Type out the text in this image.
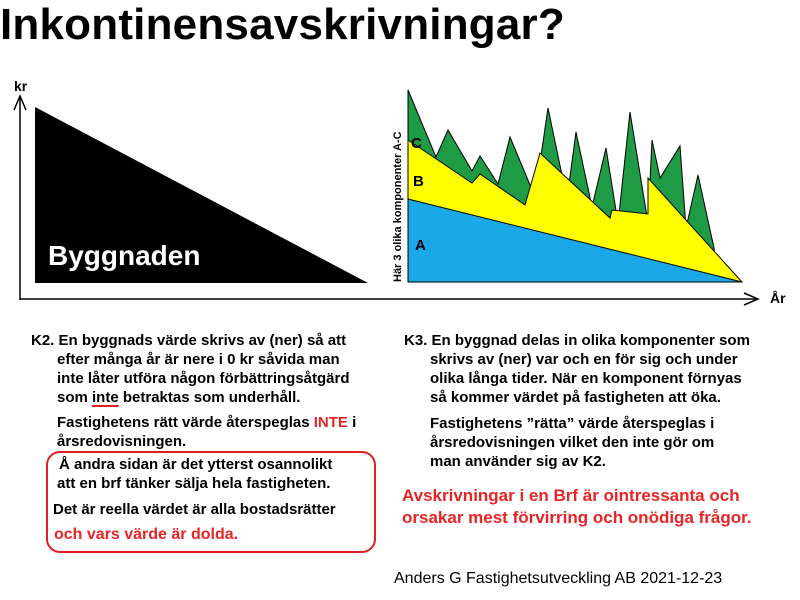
Inkontinensavskrivningar?
kr
År
Byggnaden
C
B
A
Här 3 olika komponenter A-C
K2. En byggnads värde skrivs av (ner) så att
efter många år är nere i 0 kr såvida man
inte låter utföra någon förbättringsåtgärd
som inte betraktas som underhåll.
Fastighetens rätt värde återspeglas INTE i
årsredovisningen.
Å andra sidan är det ytterst osannolikt
att en brf tänker sälja hela fastigheten.
Det är reella värdet är alla bostadsrätter
och vars värde är dolda.
K3. En byggnad delas in olika komponenter som
skrivs av (ner) var och en för sig och under
olika långa tider. När en komponent förnyas
så kommer värdet på fastigheten att öka.
Fastighetens ”rätta” värde återspeglas i
årsredovisningen vilket den inte gör om
man använder sig av K2.
Avskrivningar i en Brf är ointressanta och
orsakar mest förvirring och onödiga frågor.
Anders G Fastighetsutveckling AB 2021-12-23
